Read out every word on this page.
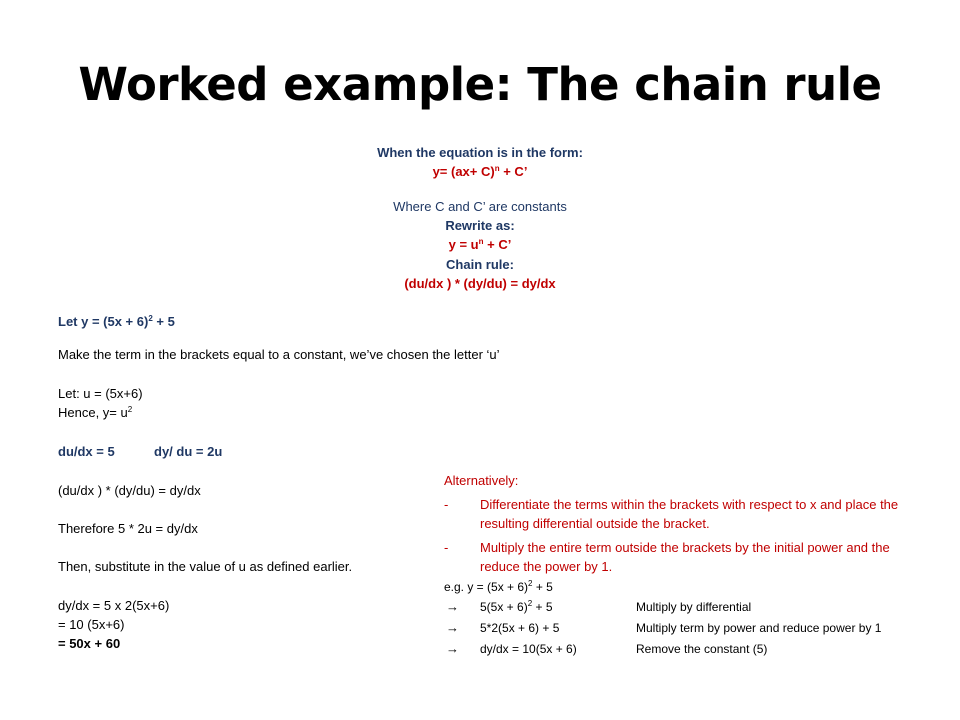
Worked example: The chain rule
When the equation is in the form:
$y= (ax+ C)^n + C$’
Where C and C’ are constants
Rewrite as:
$y = u^n + C$’
Chain rule:
(du/dx ) * (dy/du) = dy/dx
Let $y = (5x + 6)^2 + 5$
Make the term in the brackets equal to a constant, we’ve chosen the letter ‘u’
Let: u = (5x+6)
Hence, $y= u^2$
du/dx = 5	dy/ du = 2u
(du/dx ) * (dy/du) = dy/dx
Therefore 5 * 2u = dy/dx
Then, substitute in the value of u as defined earlier.
dy/dx = 5 x 2(5x+6)
= 10 (5x+6)
= 50x + 60
Alternatively:
- Differentiate the terms within the brackets with respect to x and place the resulting differential outside the bracket.
- Multiply the entire term outside the brackets by the initial power and the reduce the power by 1.
e.g. $y = (5x + 6)^2 + 5$
→ $5(5x + 6)^2 + 5$	Multiply by differential
→ 5*2(5x + 6) + 5	Multiply term by power and reduce power by 1
→ dy/dx = 10(5x + 6)	Remove the constant (5)
